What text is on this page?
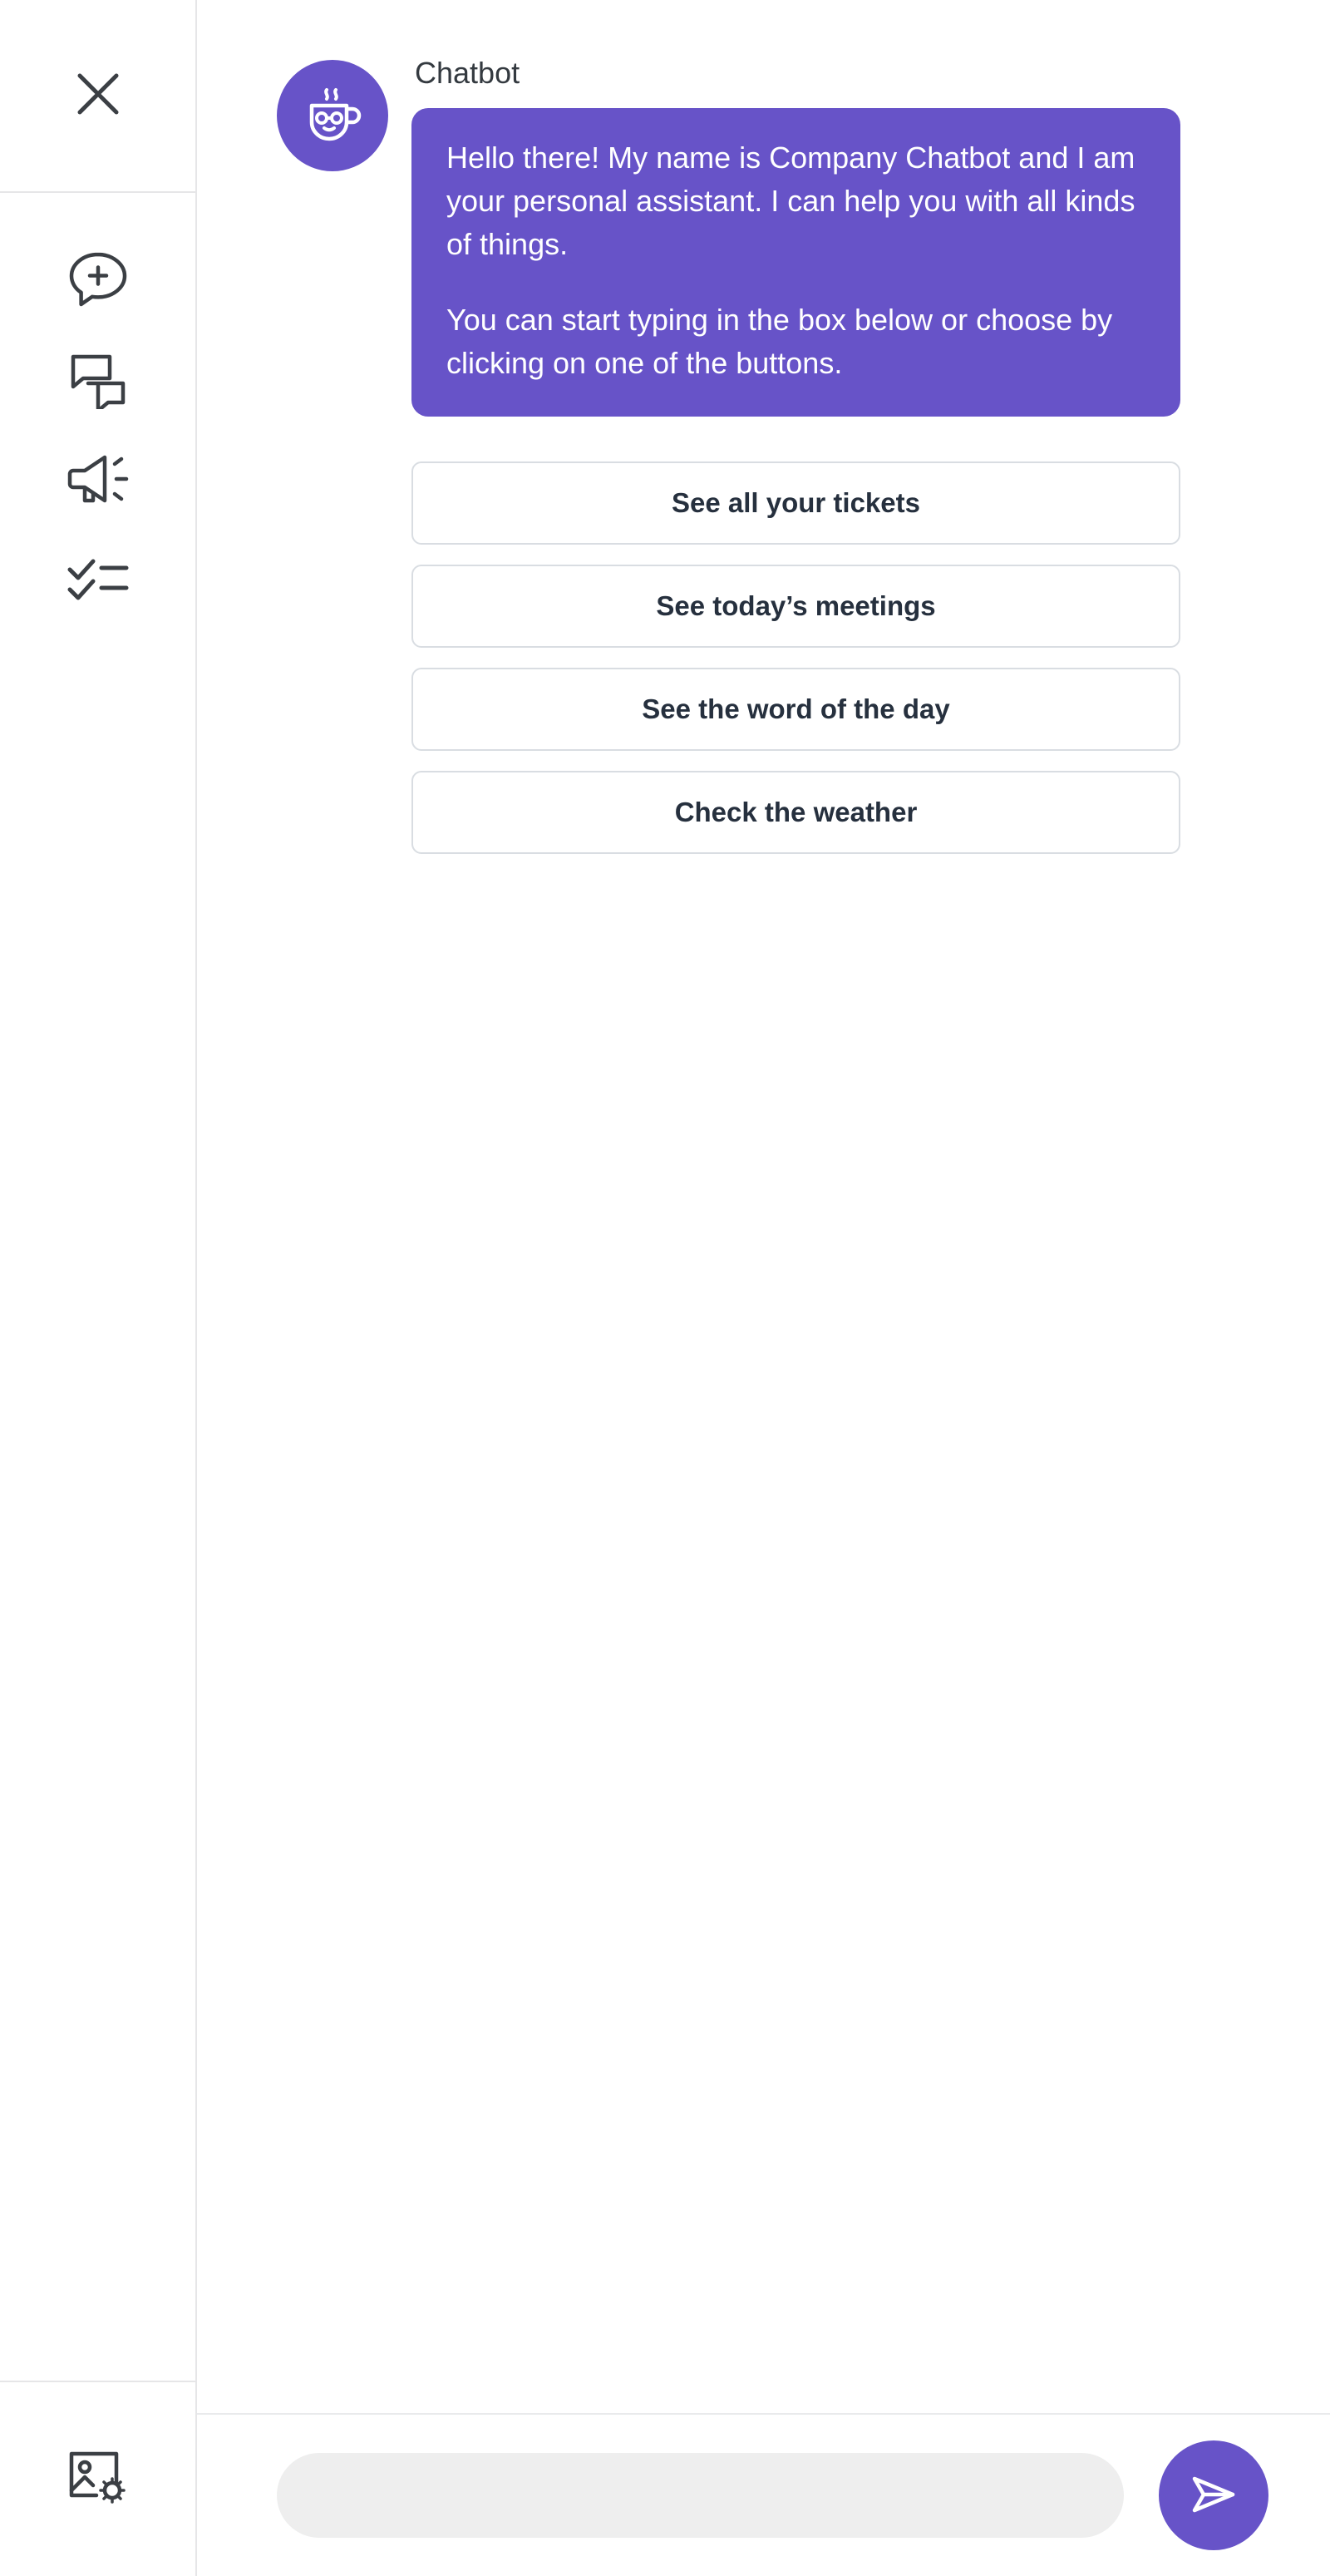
Chatbot

Hello there! My name is Company Chatbot and I am your personal assistant. I can help you with all kinds of things.

You can start typing in the box below or choose by clicking on one of the buttons.

See all your tickets
See today’s meetings
See the word of the day
Check the weather
